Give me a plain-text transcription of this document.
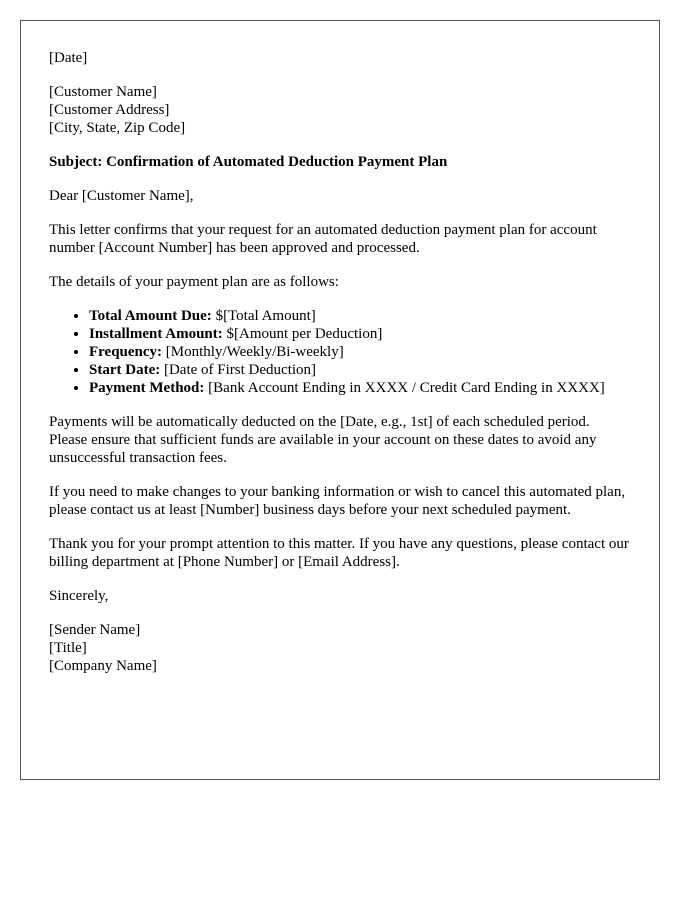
[Date]

[Customer Name]

[Customer Address]

[City, State, Zip Code]

Subject: Confirmation of Automated Deduction Payment Plan

Dear [Customer Name],

This letter confirms that your request for an automated deduction payment plan for account number [Account Number] has been approved and processed.

The details of your payment plan are as follows:

• Total Amount Due: $[Total Amount]
• Installment Amount: $[Amount per Deduction]
• Frequency: [Monthly/Weekly/Bi-weekly]
• Start Date: [Date of First Deduction]
• Payment Method: [Bank Account Ending in XXXX / Credit Card Ending in XXXX]

Payments will be automatically deducted on the [Date, e.g., 1st] of each scheduled period. Please ensure that sufficient funds are available in your account on these dates to avoid any unsuccessful transaction fees.

If you need to make changes to your banking information or wish to cancel this automated plan, please contact us at least [Number] business days before your next scheduled payment.

Thank you for your prompt attention to this matter. If you have any questions, please contact our billing department at [Phone Number] or [Email Address].

Sincerely,

[Sender Name]

[Title]

[Company Name]
